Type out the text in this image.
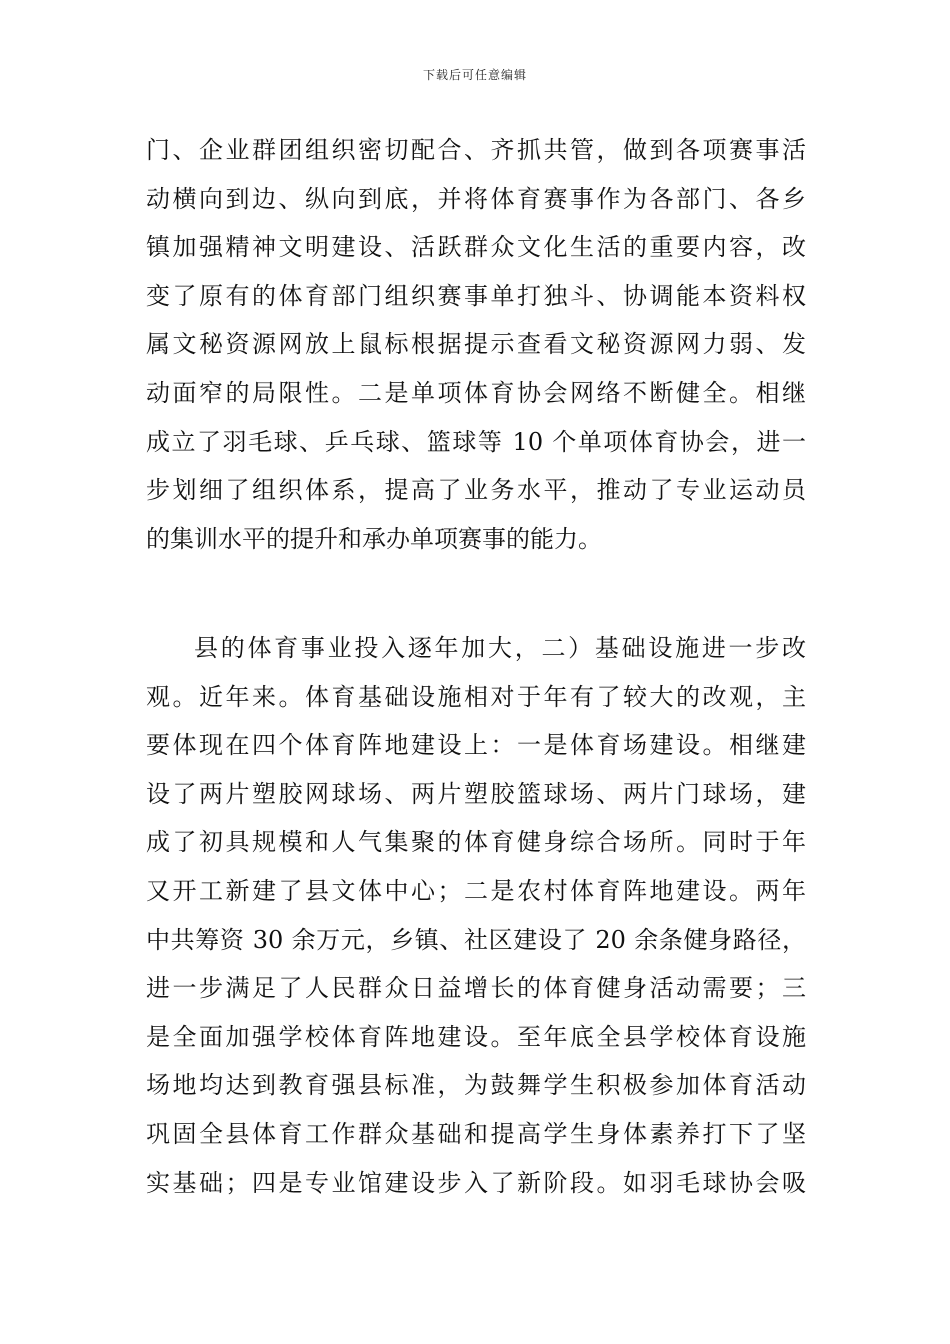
下载后可任意编辑
门、企业群团组织密切配合、齐抓共管，做到各项赛事活
动横向到边、纵向到底，并将体育赛事作为各部门、各乡
镇加强精神文明建设、活跃群众文化生活的重要内容，改
变了原有的体育部门组织赛事单打独斗、协调能本资料权
属文秘资源网放上鼠标根据提示查看文秘资源网力弱、发
动面窄的局限性。二是单项体育协会网络不断健全。相继
成立了羽毛球、乒乓球、篮球等 10 个单项体育协会，进一
步划细了组织体系，提高了业务水平，推动了专业运动员
的集训水平的提升和承办单项赛事的能力。
县的体育事业投入逐年加大，二）基础设施进一步改
观。近年来。体育基础设施相对于年有了较大的改观，主
要体现在四个体育阵地建设上：一是体育场建设。相继建
设了两片塑胶网球场、两片塑胶篮球场、两片门球场，建
成了初具规模和人气集聚的体育健身综合场所。同时于年
又开工新建了县文体中心；二是农村体育阵地建设。两年
中共筹资 30 余万元，乡镇、社区建设了 20 余条健身路径，
进一步满足了人民群众日益增长的体育健身活动需要；三
是全面加强学校体育阵地建设。至年底全县学校体育设施
场地均达到教育强县标准，为鼓舞学生积极参加体育活动
巩固全县体育工作群众基础和提高学生身体素养打下了坚
实基础；四是专业馆建设步入了新阶段。如羽毛球协会吸
